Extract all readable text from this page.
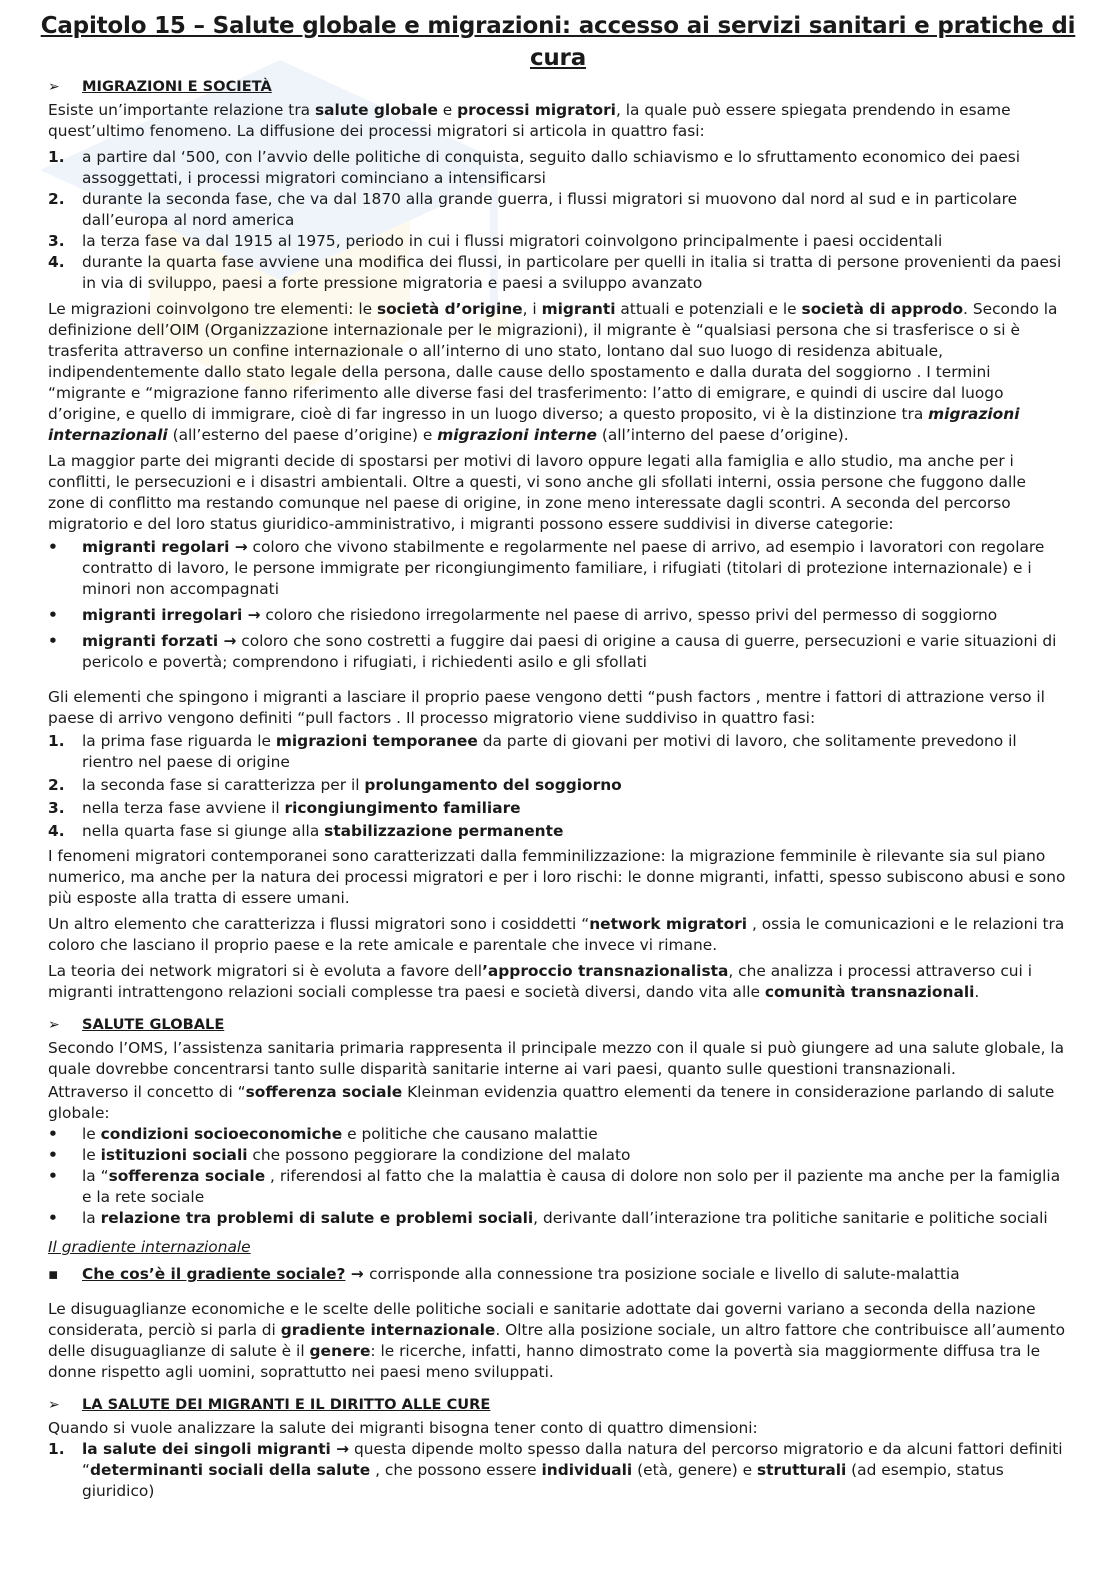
Capitolo 15 – Salute globale e migrazioni: accesso ai servizi sanitari e pratiche di cura
➢	MIGRAZIONI E SOCIETÀ

Esiste un’importante relazione tra salute globale e processi migratori, la quale può essere spiegata prendendo in esame quest’ultimo fenomeno. La diffusione dei processi migratori si articola in quattro fasi:

1.	a partire dal ‘500, con l’avvio delle politiche di conquista, seguito dallo schiavismo e lo sfruttamento economico dei paesi assoggettati, i processi migratori cominciano a intensificarsi
2.	durante la seconda fase, che va dal 1870 alla grande guerra, i flussi migratori si muovono dal nord al sud e in particolare dall’europa al nord america
3.	la terza fase va dal 1915 al 1975, periodo in cui i flussi migratori coinvolgono principalmente i paesi occidentali
4.	durante la quarta fase avviene una modifica dei flussi, in particolare per quelli in italia si tratta di persone provenienti da paesi in via di sviluppo, paesi a forte pressione migratoria e paesi a sviluppo avanzato

Le migrazioni coinvolgono tre elementi: le società d’origine, i migranti attuali e potenziali e le società di approdo. Secondo la definizione dell’OIM (Organizzazione internazionale per le migrazioni), il migrante è “qualsiasi persona che si trasferisce o si è trasferita attraverso un confine internazionale o all’interno di uno stato, lontano dal suo luogo di residenza abituale, indipendentemente dallo stato legale della persona, dalle cause dello spostamento e dalla durata del soggiorno . I termini “migrante e “migrazione fanno riferimento alle diverse fasi del trasferimento: l’atto di emigrare, e quindi di uscire dal luogo d’origine, e quello di immigrare, cioè di far ingresso in un luogo diverso; a questo proposito, vi è la distinzione tra migrazioni internazionali (all’esterno del paese d’origine) e migrazioni interne (all’interno del paese d’origine).

La maggior parte dei migranti decide di spostarsi per motivi di lavoro oppure legati alla famiglia e allo studio, ma anche per i conflitti, le persecuzioni e i disastri ambientali. Oltre a questi, vi sono anche gli sfollati interni, ossia persone che fuggono dalle zone di conflitto ma restando comunque nel paese di origine, in zone meno interessate dagli scontri. A seconda del percorso migratorio e del loro status giuridico-amministrativo, i migranti possono essere suddivisi in diverse categorie:

•	migranti regolari → coloro che vivono stabilmente e regolarmente nel paese di arrivo, ad esempio i lavoratori con regolare contratto di lavoro, le persone immigrate per ricongiungimento familiare, i rifugiati (titolari di protezione internazionale) e i minori non accompagnati
•	migranti irregolari → coloro che risiedono irregolarmente nel paese di arrivo, spesso privi del permesso di soggiorno
•	migranti forzati → coloro che sono costretti a fuggire dai paesi di origine a causa di guerre, persecuzioni e varie situazioni di pericolo e povertà; comprendono i rifugiati, i richiedenti asilo e gli sfollati

Gli elementi che spingono i migranti a lasciare il proprio paese vengono detti “push factors , mentre i fattori di attrazione verso il paese di arrivo vengono definiti “pull factors . Il processo migratorio viene suddiviso in quattro fasi:

1.	la prima fase riguarda le migrazioni temporanee da parte di giovani per motivi di lavoro, che solitamente prevedono il rientro nel paese di origine
2.	la seconda fase si caratterizza per il prolungamento del soggiorno
3.	nella terza fase avviene il ricongiungimento familiare
4.	nella quarta fase si giunge alla stabilizzazione permanente

I fenomeni migratori contemporanei sono caratterizzati dalla femminilizzazione: la migrazione femminile è rilevante sia sul piano numerico, ma anche per la natura dei processi migratori e per i loro rischi: le donne migranti, infatti, spesso subiscono abusi e sono più esposte alla tratta di essere umani.

Un altro elemento che caratterizza i flussi migratori sono i cosiddetti “network migratori , ossia le comunicazioni e le relazioni tra coloro che lasciano il proprio paese e la rete amicale e parentale che invece vi rimane.

La teoria dei network migratori si è evoluta a favore dell’approccio transnazionalista, che analizza i processi attraverso cui i migranti intrattengono relazioni sociali complesse tra paesi e società diversi, dando vita alle comunità transnazionali.

➢	SALUTE GLOBALE

Secondo l’OMS, l’assistenza sanitaria primaria rappresenta il principale mezzo con il quale si può giungere ad una salute globale, la quale dovrebbe concentrarsi tanto sulle disparità sanitarie interne ai vari paesi, quanto sulle questioni transnazionali.

Attraverso il concetto di “sofferenza sociale Kleinman evidenzia quattro elementi da tenere in considerazione parlando di salute globale:

•	le condizioni socioeconomiche e politiche che causano malattie
•	le istituzioni sociali che possono peggiorare la condizione del malato
•	la “sofferenza sociale , riferendosi al fatto che la malattia è causa di dolore non solo per il paziente ma anche per la famiglia e la rete sociale
•	la relazione tra problemi di salute e problemi sociali, derivante dall’interazione tra politiche sanitarie e politiche sociali
Il gradiente internazionale
▪	Che cos’è il gradiente sociale? → corrisponde alla connessione tra posizione sociale e livello di salute-malattia

Le disuguaglianze economiche e le scelte delle politiche sociali e sanitarie adottate dai governi variano a seconda della nazione considerata, perciò si parla di gradiente internazionale. Oltre alla posizione sociale, un altro fattore che contribuisce all’aumento delle disuguaglianze di salute è il genere: le ricerche, infatti, hanno dimostrato come la povertà sia maggiormente diffusa tra le donne rispetto agli uomini, soprattutto nei paesi meno sviluppati.

➢	LA SALUTE DEI MIGRANTI E IL DIRITTO ALLE CURE

Quando si vuole analizzare la salute dei migranti bisogna tener conto di quattro dimensioni:

1.	la salute dei singoli migranti → questa dipende molto spesso dalla natura del percorso migratorio e da alcuni fattori definiti “determinanti sociali della salute , che possono essere individuali (età, genere) e strutturali (ad esempio, status giuridico)
